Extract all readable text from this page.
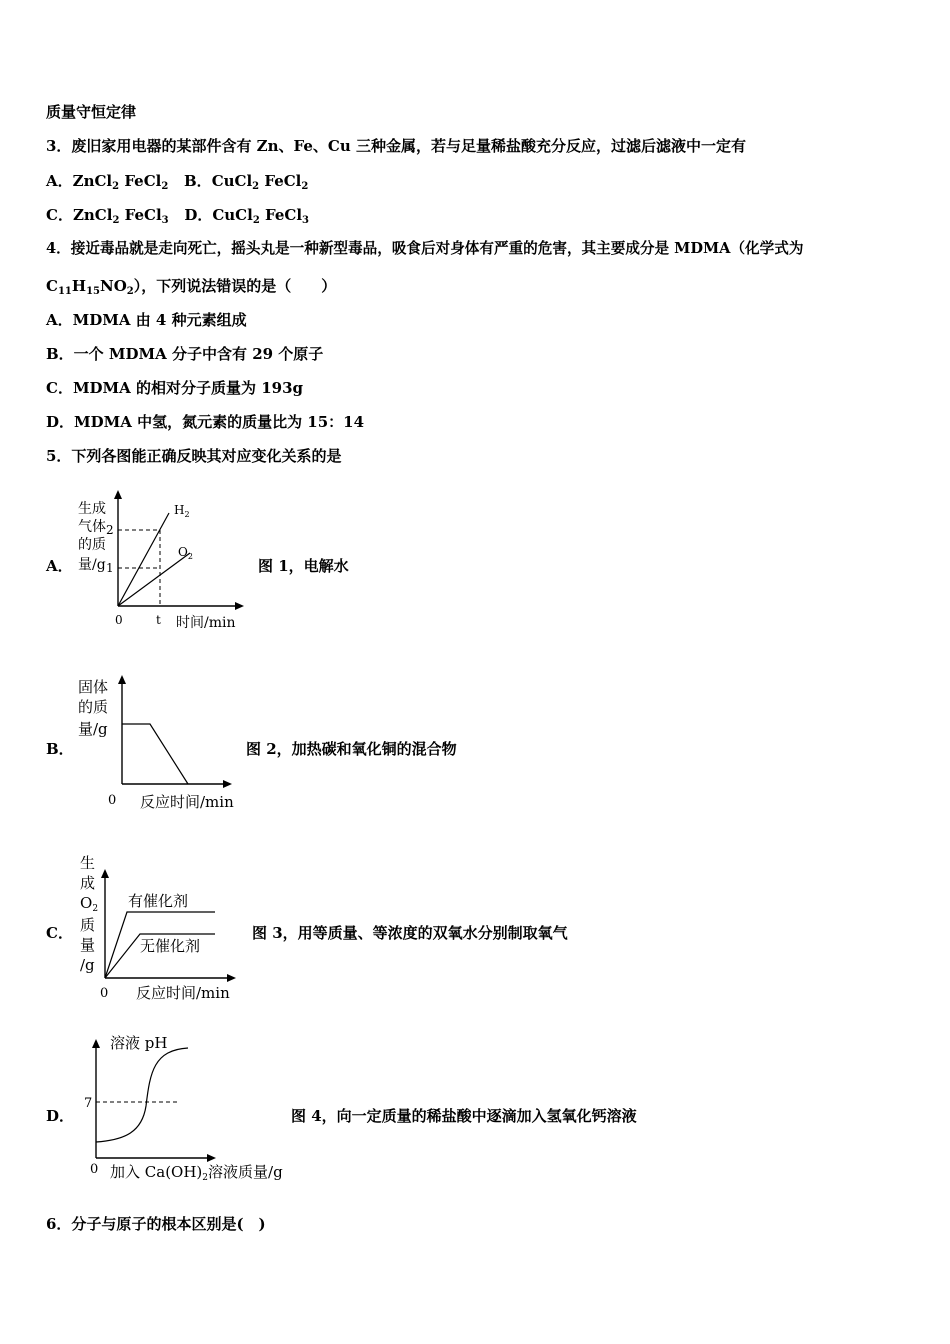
质量守恒定律
3．废旧家用电器的某部件含有 Zn、Fe、Cu 三种金属，若与足量稀盐酸充分反应，过滤后滤液中一定有
A．ZnCl$_2$ FeCl$_2$ B．CuCl$_2$ FeCl$_2$
C．ZnCl$_2$ FeCl$_3$ D．CuCl$_2$ FeCl$_3$
4．接近毒品就是走向死亡，摇头丸是一种新型毒品，吸食后对身体有严重的危害，其主要成分是 MDMA（化学式为
$C_{11}H_{15}NO_2$），下列说法错误的是（　　）
A．MDMA 由 4 种元素组成
B．一个 MDMA 分子中含有 29 个原子
C．MDMA 的相对分子质量为 193g
D．MDMA 中氢，氮元素的质量比为 15：14
5．下列各图能正确反映其对应变化关系的是
A．
生成
气体
的质
量/g
2
1
0	t 时间/min
$H_2$
$O_2$
图 1，电解水
B．
固体
的质
量/g
0 反应时间/min
图 2，加热碳和氧化铜的混合物
C．
生
成
$O_2$
质
量
/g
有催化剂
无催化剂
0 反应时间/min
图 3，用等质量、等浓度的双氧水分别制取氧气
D．
溶液 pH
7
0 加入 $Ca(OH)_2$溶液质量/g
图 4，向一定质量的稀盐酸中逐滴加入氢氧化钙溶液
6．分子与原子的根本区别是(　)
